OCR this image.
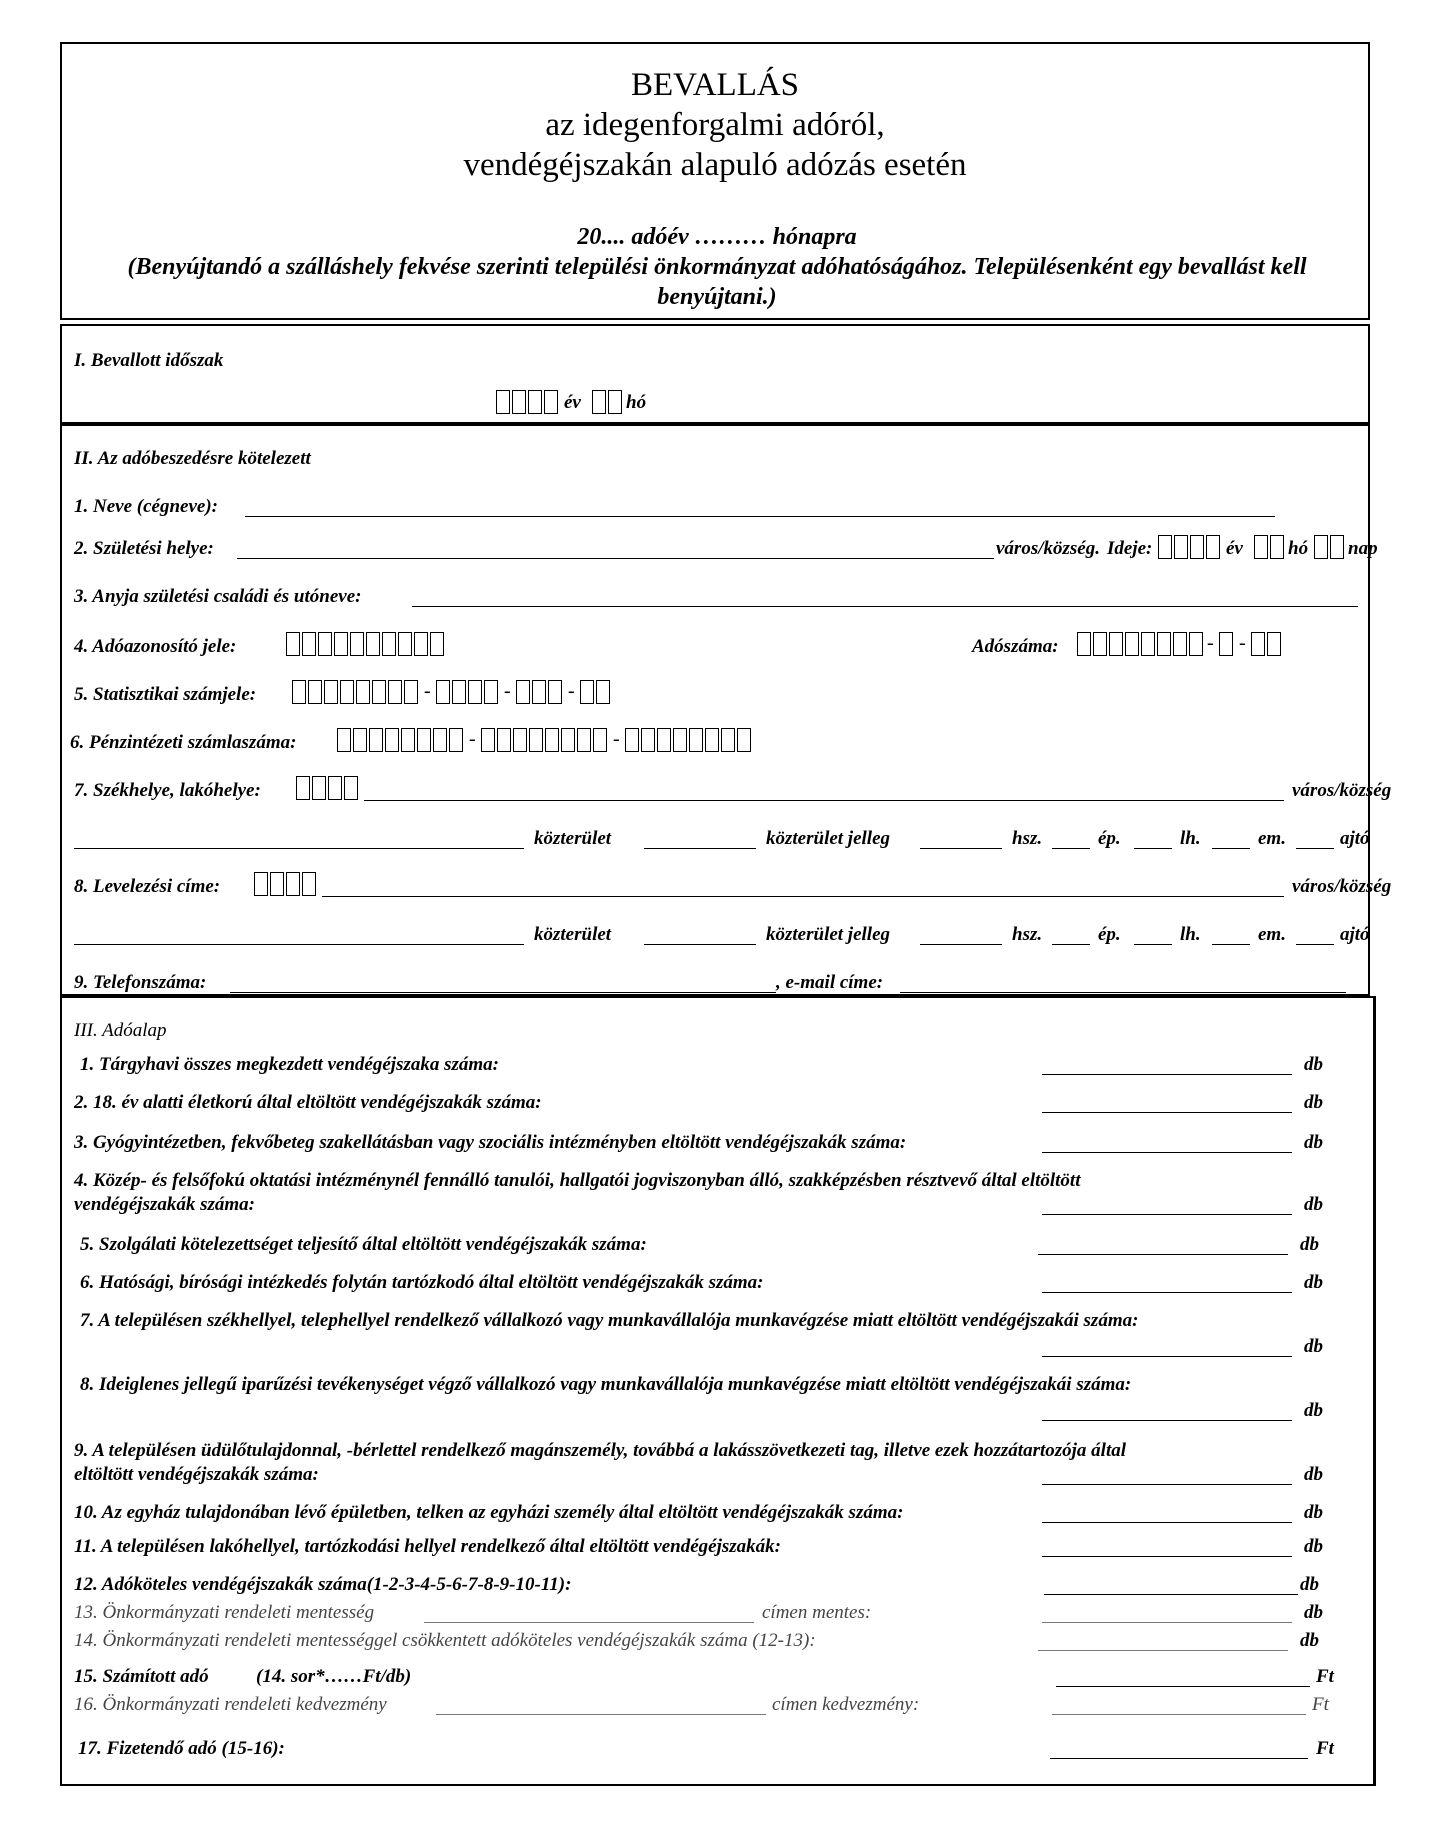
BEVALLÁS
az idegenforgalmi adóról,
vendégéjszakán alapuló adózás esetén
20.... adóév ……… hónapra
(Benyújtandó a szálláshely fekvése szerinti települési önkormányzat adóhatóságához. Településenként egy bevallást kell benyújtani.)
I. Bevallott időszak
év hó
II. Az adóbeszedésre kötelezett
1. Neve (cégneve):
2. Születési helye:	város/község. Ideje:	év hó nap
3. Anyja születési családi és utóneve:
4. Adóazonosító jele:	Adószáma:	- -
5. Statisztikai számjele:	-	-	-
6. Pénzintézeti számlaszáma:	-	-
7. Székhelye, lakóhelye:	város/község
közterület	közterület jelleg	hsz.	ép.	lh.	em.	ajtó
8. Levelezési címe:	város/község
közterület	közterület jelleg	hsz.	ép.	lh.	em.	ajtó
9. Telefonszáma:	, e-mail címe:
III. Adóalap
1. Tárgyhavi összes megkezdett vendégéjszaka száma:	db
2. 18. év alatti életkorú által eltöltött vendégéjszakák száma:	db
3. Gyógyintézetben, fekvőbeteg szakellátásban vagy szociális intézményben eltöltött vendégéjszakák száma:	db
4. Közép- és felsőfokú oktatási intézménynél fennálló tanulói, hallgatói jogviszonyban álló, szakképzésben résztvevő által eltöltött
vendégéjszakák száma:	db
5. Szolgálati kötelezettséget teljesítő által eltöltött vendégéjszakák száma:	db
6. Hatósági, bírósági intézkedés folytán tartózkodó által eltöltött vendégéjszakák száma:	db
7. A településen székhellyel, telephellyel rendelkező vállalkozó vagy munkavállalója munkavégzése miatt eltöltött vendégéjszakái száma:
db
8. Ideiglenes jellegű iparűzési tevékenységet végző vállalkozó vagy munkavállalója munkavégzése miatt eltöltött vendégéjszakái száma:
db
9. A településen üdülőtulajdonnal, -bérlettel rendelkező magánszemély, továbbá a lakásszövetkezeti tag, illetve ezek hozzátartozója által
eltöltött vendégéjszakák száma:	db
10. Az egyház tulajdonában lévő épületben, telken az egyházi személy által eltöltött vendégéjszakák száma:	db
11. A településen lakóhellyel, tartózkodási hellyel rendelkező által eltöltött vendégéjszakák:	db
12. Adóköteles vendégéjszakák száma(1-2-3-4-5-6-7-8-9-10-11):	db
13. Önkormányzati rendeleti mentesség	címen mentes:	db
14. Önkormányzati rendeleti mentességgel csökkentett adóköteles vendégéjszakák száma (12-13):	db
15. Számított adó (14. sor*……Ft/db)	Ft
16. Önkormányzati rendeleti kedvezmény	címen kedvezmény:	Ft
17. Fizetendő adó (15-16):	Ft
